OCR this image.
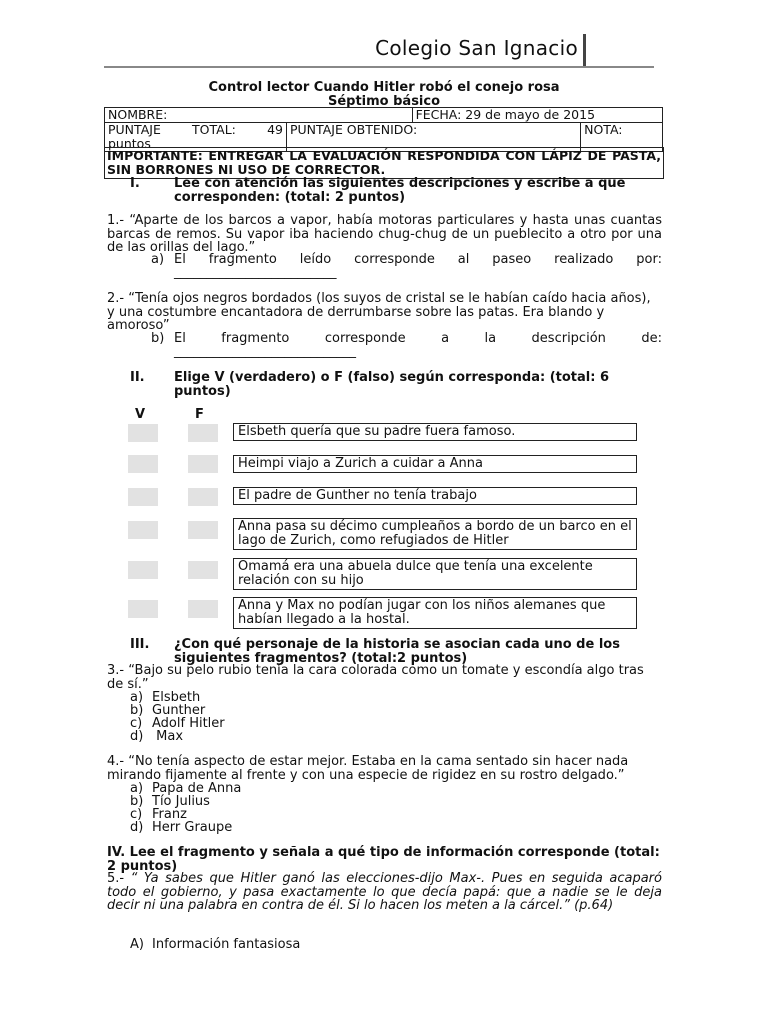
Colegio San Ignacio
Control lector Cuando Hitler robó el conejo rosa
Séptimo básico
NOMBRE:		FECHA: 29 de mayo de 2015	

PUNTAJE TOTAL: 49
puntos	PUNTAJE OBTENIDO:		NOTA:
IMPORTANTE: ENTREGAR LA EVALUACIÓN RESPONDIDA CON LÁPIZ DE PASTA, SIN BORRONES NI USO DE CORRECTOR.
I.	Lee con atención las siguientes descripciones y escribe a que corresponden: (total: 2 puntos)
1.- “Aparte de los barcos a vapor, había motoras particulares y hasta unas cuantas barcas de remos. Su vapor iba haciendo chug-chug de un pueblecito a otro por una de las orillas del lago.”
a) El fragmento leído corresponde al paseo realizado por:
_________________________
2.- “Tenía ojos negros bordados (los suyos de cristal se le habían caído hacia años), y una costumbre encantadora de derrumbarse sobre las patas. Era blando y amoroso”
b) El fragmento corresponde a la descripción de:
____________________________
II. Elige V (verdadero) o F (falso) según corresponda: (total: 6 puntos)
V	F
Elsbeth quería que su padre fuera famoso.
Heimpi viajo a Zurich a cuidar a Anna
El padre de Gunther no tenía trabajo
Anna pasa su décimo cumpleaños a bordo de un barco en el lago de Zurich, como refugiados de Hitler
Omamá era una abuela dulce que tenía una excelente relación con su hijo
Anna y Max no podían jugar con los niños alemanes que habían llegado a la hostal.
III. ¿Con qué personaje de la historia se asocian cada uno de los siguientes fragmentos? (total:2 puntos)
3.- “Bajo su pelo rubio tenía la cara colorada como un tomate y escondía algo tras de sí.”
a) Elsbeth
b) Gunther
c) Adolf Hitler
d) Max
4.- “No tenía aspecto de estar mejor. Estaba en la cama sentado sin hacer nada mirando fijamente al frente y con una especie de rigidez en su rostro delgado.”
a) Papa de Anna
b) Tío Julius
c) Franz
d) Herr Graupe
IV. Lee el fragmento y señala a qué tipo de información corresponde (total: 2 puntos)
5.- “ Ya sabes que Hitler ganó las elecciones-dijo Max-. Pues en seguida acaparó todo el gobierno, y pasa exactamente lo que decía papá: que a nadie se le deja decir ni una palabra en contra de él. Si lo hacen los meten a la cárcel.” (p.64)
A) Información fantasiosa
